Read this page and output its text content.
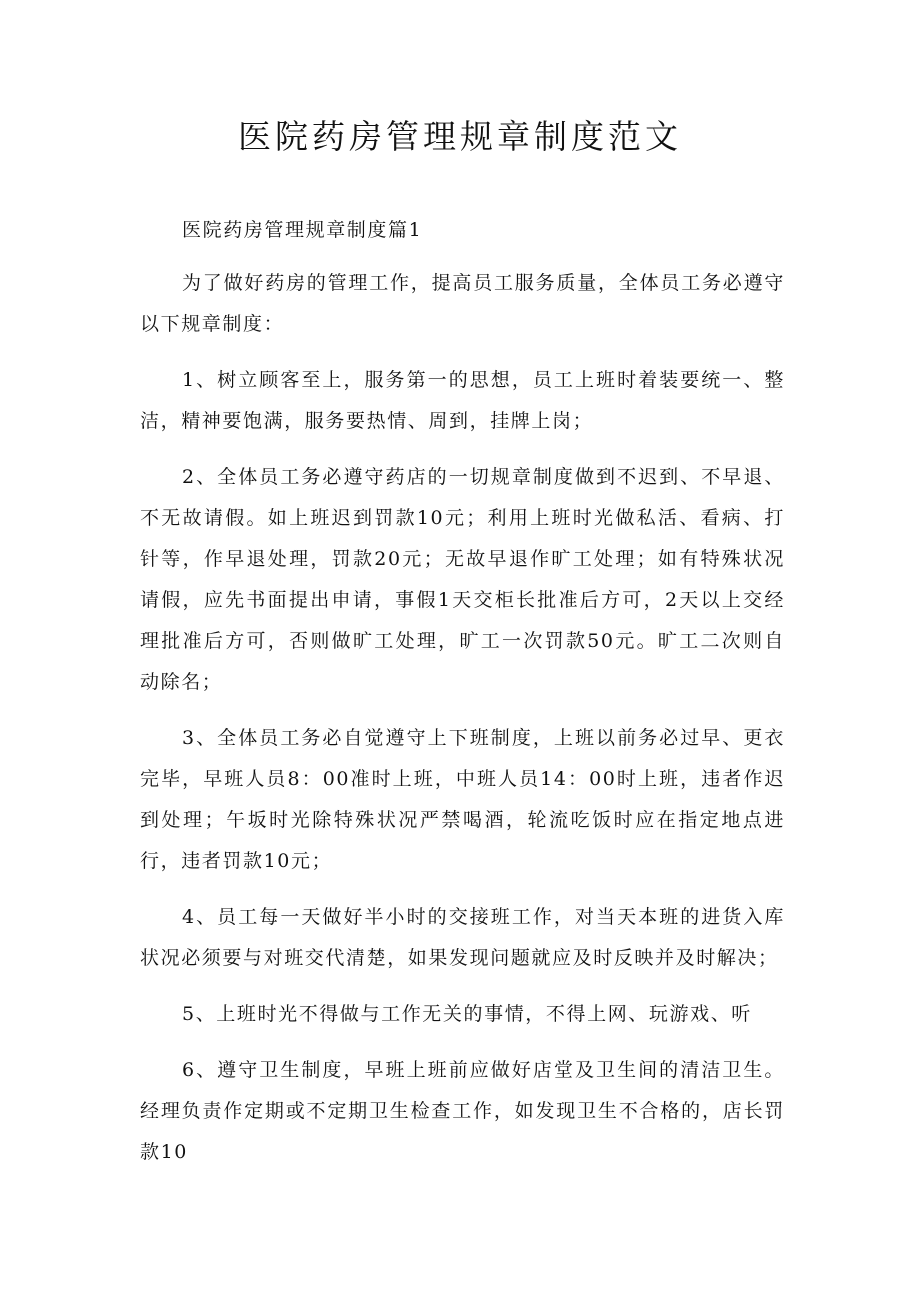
医院药房管理规章制度范文

医院药房管理规章制度篇1

为了做好药房的管理工作，提高员工服务质量，全体员工务必遵守以下规章制度：

1、树立顾客至上，服务第一的思想，员工上班时着装要统一、整洁，精神要饱满，服务要热情、周到，挂牌上岗；

2、全体员工务必遵守药店的一切规章制度做到不迟到、不早退、不无故请假。如上班迟到罚款10元；利用上班时光做私活、看病、打针等，作早退处理，罚款20元；无故早退作旷工处理；如有特殊状况请假，应先书面提出申请，事假1天交柜长批准后方可，2天以上交经理批准后方可，否则做旷工处理，旷工一次罚款50元。旷工二次则自动除名；

3、全体员工务必自觉遵守上下班制度，上班以前务必过早、更衣完毕，早班人员8：00准时上班，中班人员14：00时上班，违者作迟到处理；午坂时光除特殊状况严禁喝酒，轮流吃饭时应在指定地点进行，违者罚款10元；

4、员工每一天做好半小时的交接班工作，对当天本班的进货入库状况必须要与对班交代清楚，如果发现问题就应及时反映并及时解决；

5、上班时光不得做与工作无关的事情，不得上网、玩游戏、听

6、遵守卫生制度，早班上班前应做好店堂及卫生间的清洁卫生。经理负责作定期或不定期卫生检查工作，如发现卫生不合格的，店长罚款10
